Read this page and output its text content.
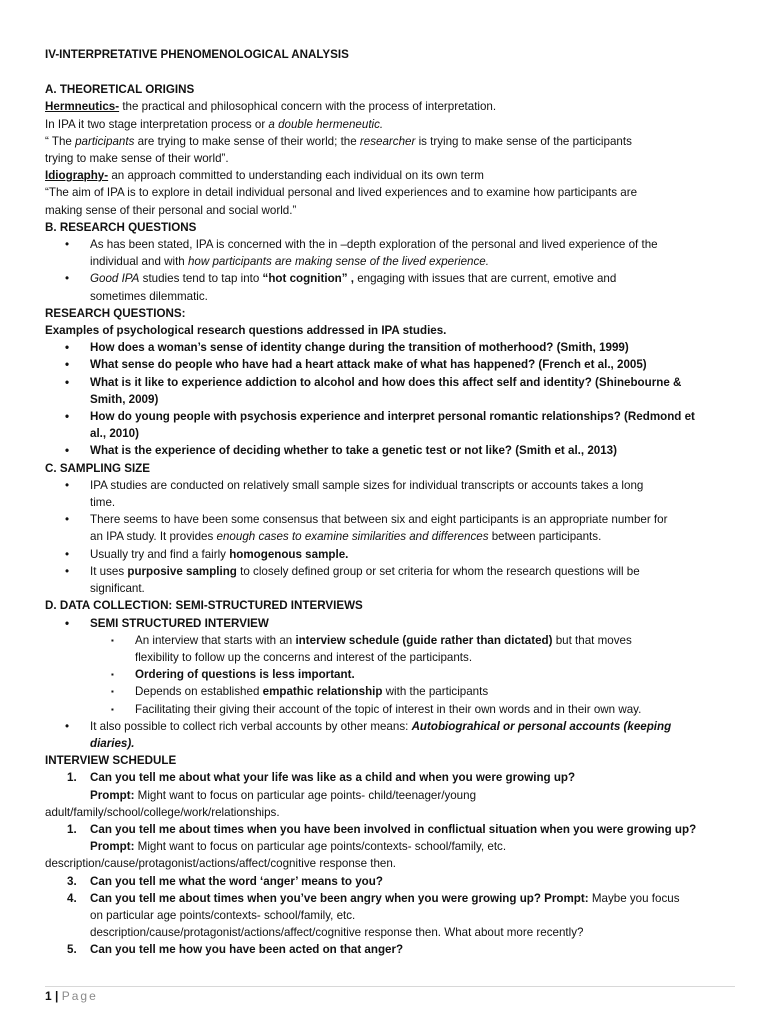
IV-INTERPRETATIVE PHENOMENOLOGICAL ANALYSIS
A. THEORETICAL ORIGINS
Hermneutics- the practical and philosophical concern with the process of interpretation.
In IPA it two stage interpretation process or a double hermeneutic.
“ The participants are trying to make sense of their world; the researcher is trying to make sense of the participants
trying to make sense of their world”.
Idiography- an approach committed to understanding each individual on its own term
“The aim of IPA is to explore in detail individual personal and lived experiences and to examine how participants are
making sense of their personal and social world.”
B. RESEARCH QUESTIONS
• As has been stated, IPA is concerned with the in –depth exploration of the personal and lived experience of the
individual and with how participants are making sense of the lived experience.
• Good IPA studies tend to tap into “hot cognition” , engaging with issues that are current, emotive and
sometimes dilemmatic.
RESEARCH QUESTIONS:
Examples of psychological research questions addressed in IPA studies.
• How does a woman’s sense of identity change during the transition of motherhood? (Smith, 1999)
• What sense do people who have had a heart attack make of what has happened? (French et al., 2005)
• What is it like to experience addiction to alcohol and how does this affect self and identity? (Shinebourne &
Smith, 2009)
• How do young people with psychosis experience and interpret personal romantic relationships? (Redmond et
al., 2010)
• What is the experience of deciding whether to take a genetic test or not like? (Smith et al., 2013)
C. SAMPLING SIZE
• IPA studies are conducted on relatively small sample sizes for individual transcripts or accounts takes a long
time.
• There seems to have been some consensus that between six and eight participants is an appropriate number for
an IPA study. It provides enough cases to examine similarities and differences between participants.
• Usually try and find a fairly homogenous sample.
• It uses purposive sampling to closely defined group or set criteria for whom the research questions will be
significant.
D. DATA COLLECTION: SEMI-STRUCTURED INTERVIEWS
• SEMI STRUCTURED INTERVIEW
▪ An interview that starts with an interview schedule (guide rather than dictated) but that moves
flexibility to follow up the concerns and interest of the participants.
▪ Ordering of questions is less important.
▪ Depends on established empathic relationship with the participants
▪ Facilitating their giving their account of the topic of interest in their own words and in their own way.
• It also possible to collect rich verbal accounts by other means: Autobiograhical or personal accounts (keeping
diaries).
INTERVIEW SCHEDULE
1. Can you tell me about what your life was like as a child and when you were growing up?
Prompt: Might want to focus on particular age points- child/teenager/young
adult/family/school/college/work/relationships.
1. Can you tell me about times when you have been involved in conflictual situation when you were growing up?
Prompt: Might want to focus on particular age points/contexts- school/family, etc.
description/cause/protagonist/actions/affect/cognitive response then.
3. Can you tell me what the word ‘anger’ means to you?
4. Can you tell me about times when you’ve been angry when you were growing up? Prompt: Maybe you focus
on particular age points/contexts- school/family, etc.
description/cause/protagonist/actions/affect/cognitive response then. What about more recently?
5. Can you tell me how you have been acted on that anger?
1 | Page
